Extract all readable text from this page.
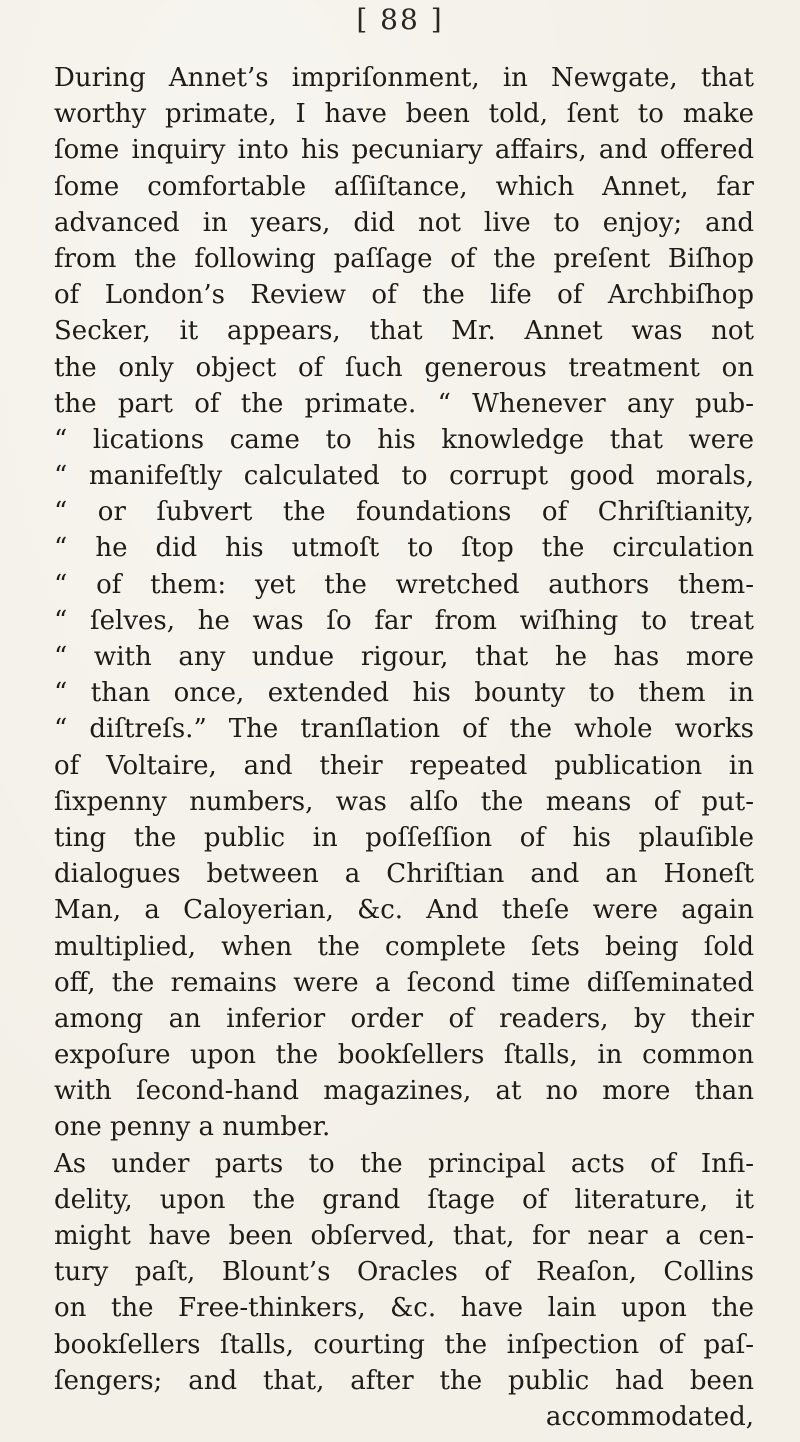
[ 88 ]
During Annet’s impriſonment, in Newgate, that
worthy primate, I have been told, ſent to make
ſome inquiry into his pecuniary affairs, and offered
ſome comfortable aſſiſtance, which Annet, far
advanced in years, did not live to enjoy; and
from the following paſſage of the preſent Biſhop
of London’s Review of the life of Archbiſhop
Secker, it appears, that Mr. Annet was not
the only object of ſuch generous treatment on
the part of the primate. “ Whenever any pub-
“ lications came to his knowledge that were
“ manifeſtly calculated to corrupt good morals,
“ or ſubvert the foundations of Chriſtianity,
“ he did his utmoſt to ſtop the circulation
“ of them: yet the wretched authors them-
“ ſelves, he was ſo far from wiſhing to treat
“ with any undue rigour, that he has more
“ than once, extended his bounty to them in
“ diſtreſs.” The tranſlation of the whole works
of Voltaire, and their repeated publication in
ſixpenny numbers, was alſo the means of put-
ting the public in poſſeſſion of his plauſible
dialogues between a Chriſtian and an Honeſt
Man, a Caloyerian, &c. And theſe were again
multiplied, when the complete ſets being ſold
off, the remains were a ſecond time diſſeminated
among an inferior order of readers, by their
expoſure upon the bookſellers ſtalls, in common
with ſecond-hand magazines, at no more than
one penny a number.
As under parts to the principal acts of Infi-
delity, upon the grand ſtage of literature, it
might have been obſerved, that, for near a cen-
tury paſt, Blount’s Oracles of Reaſon, Collins
on the Free-thinkers, &c. have lain upon the
bookſellers ſtalls, courting the inſpection of paſ-
ſengers; and that, after the public had been
accommodated,
